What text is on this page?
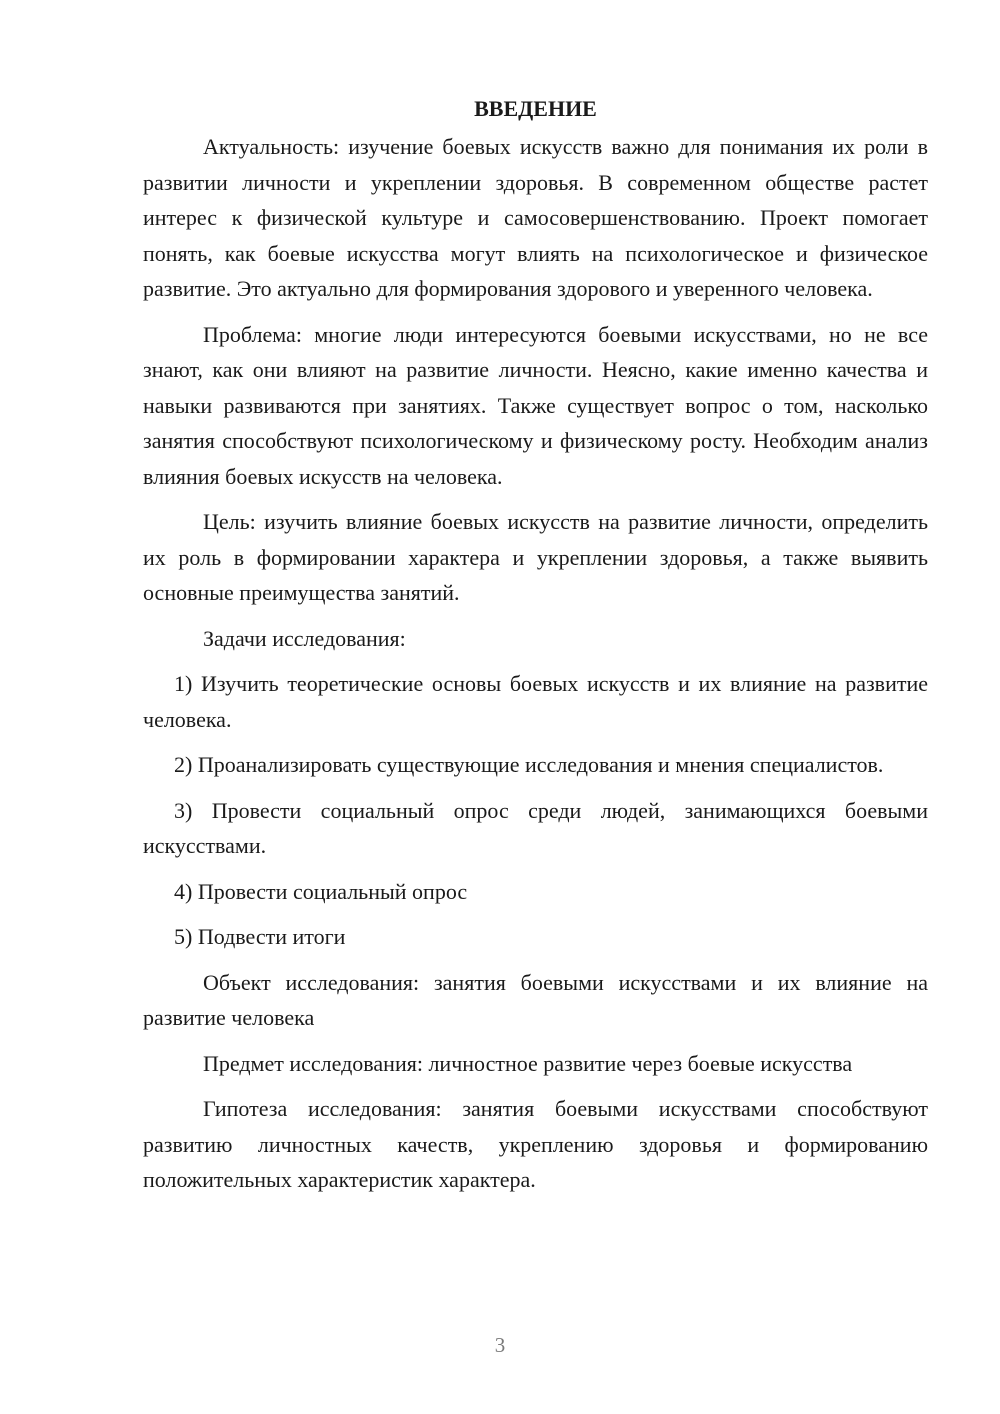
ВВЕДЕНИЕ

Актуальность: изучение боевых искусств важно для понимания их роли в развитии личности и укреплении здоровья. В современном обществе растет интерес к физической культуре и самосовершенствованию. Проект помогает понять, как боевые искусства могут влиять на психологическое и физическое развитие. Это актуально для формирования здорового и уверенного человека.

Проблема: многие люди интересуются боевыми искусствами, но не все знают, как они влияют на развитие личности. Неясно, какие именно качества и навыки развиваются при занятиях. Также существует вопрос о том, насколько занятия способствуют психологическому и физическому росту. Необходим анализ влияния боевых искусств на человека.

Цель: изучить влияние боевых искусств на развитие личности, определить их роль в формировании характера и укреплении здоровья, а также выявить основные преимущества занятий.

Задачи исследования:

1) Изучить теоретические основы боевых искусств и их влияние на развитие человека.

2) Проанализировать существующие исследования и мнения специалистов.

3) Провести социальный опрос среди людей, занимающихся боевыми искусствами.

4) Провести социальный опрос

5) Подвести итоги

Объект исследования: занятия боевыми искусствами и их влияние на развитие человека

Предмет исследования: личностное развитие через боевые искусства

Гипотеза исследования: занятия боевыми искусствами способствуют развитию личностных качеств, укреплению здоровья и формированию положительных характеристик характера.

3
